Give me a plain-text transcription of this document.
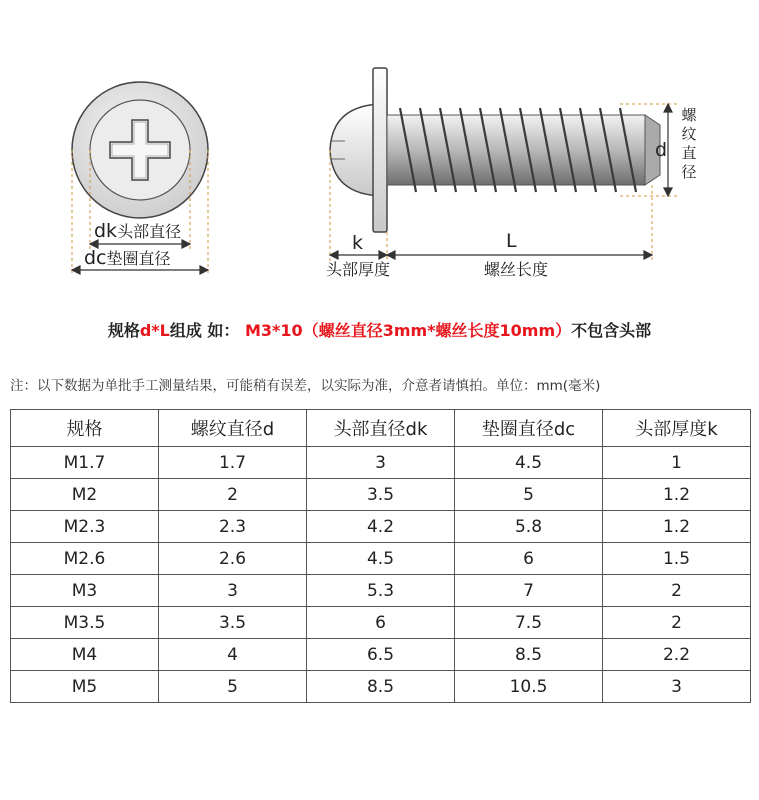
dk头部直径
dc垫圈直径
k
头部厚度
L
螺丝长度
d
螺
纹
直
径
规格d*L组成 如： M3*10（螺丝直径3mm*螺丝长度10mm）不包含头部
注：以下数据为单批手工测量结果，可能稍有误差，以实际为准，介意者请慎拍。单位：mm(毫米)
规格	螺纹直径d	头部直径dk	垫圈直径dc	头部厚度k
M1.7	1.7	3	4.5	1
M2	2	3.5	5	1.2
M2.3	2.3	4.2	5.8	1.2
M2.6	2.6	4.5	6	1.5
M3	3	5.3	7	2
M3.5	3.5	6	7.5	2
M4	4	6.5	8.5	2.2
M5	5	8.5	10.5	3
